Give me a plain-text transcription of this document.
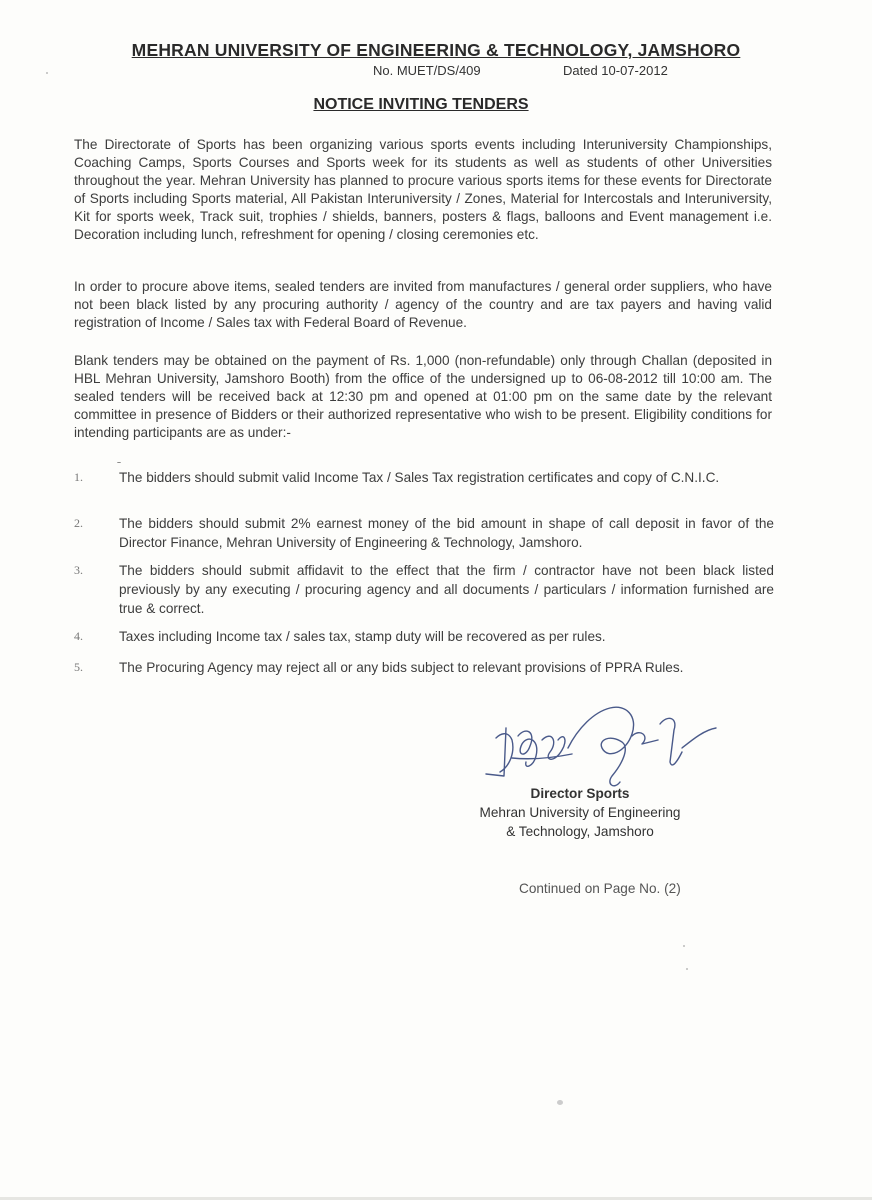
MEHRAN UNIVERSITY OF ENGINEERING & TECHNOLOGY, JAMSHORO
No. MUET/DS/409	Dated 10-07-2012
NOTICE INVITING TENDERS
The Directorate of Sports has been organizing various sports events including Interuniversity Championships, Coaching Camps, Sports Courses and Sports week for its students as well as students of other Universities throughout the year. Mehran University has planned to procure various sports items for these events for Directorate of Sports including Sports material, All Pakistan Interuniversity / Zones, Material for Intercostals and Interuniversity, Kit for sports week, Track suit, trophies / shields, banners, posters & flags, balloons and Event management i.e. Decoration including lunch, refreshment for opening / closing ceremonies etc.
In order to procure above items, sealed tenders are invited from manufactures / general order suppliers, who have not been black listed by any procuring authority / agency of the country and are tax payers and having valid registration of Income / Sales tax with Federal Board of Revenue.
Blank tenders may be obtained on the payment of Rs. 1,000 (non-refundable) only through Challan (deposited in HBL Mehran University, Jamshoro Booth) from the office of the undersigned up to 06-08-2012 till 10:00 am. The sealed tenders will be received back at 12:30 pm and opened at 01:00 pm on the same date by the relevant committee in presence of Bidders or their authorized representative who wish to be present. Eligibility conditions for intending participants are as under:-
1.	The bidders should submit valid Income Tax / Sales Tax registration certificates and copy of C.N.I.C.
2.	The bidders should submit 2% earnest money of the bid amount in shape of call deposit in favor of the Director Finance, Mehran University of Engineering & Technology, Jamshoro.
3.	The bidders should submit affidavit to the effect that the firm / contractor have not been black listed previously by any executing / procuring agency and all documents / particulars / information furnished are true & correct.
4.	Taxes including Income tax / sales tax, stamp duty will be recovered as per rules.
5.	The Procuring Agency may reject all or any bids subject to relevant provisions of PPRA Rules.
Director Sports
Mehran University of Engineering
& Technology, Jamshoro
Continued on Page No. (2)
